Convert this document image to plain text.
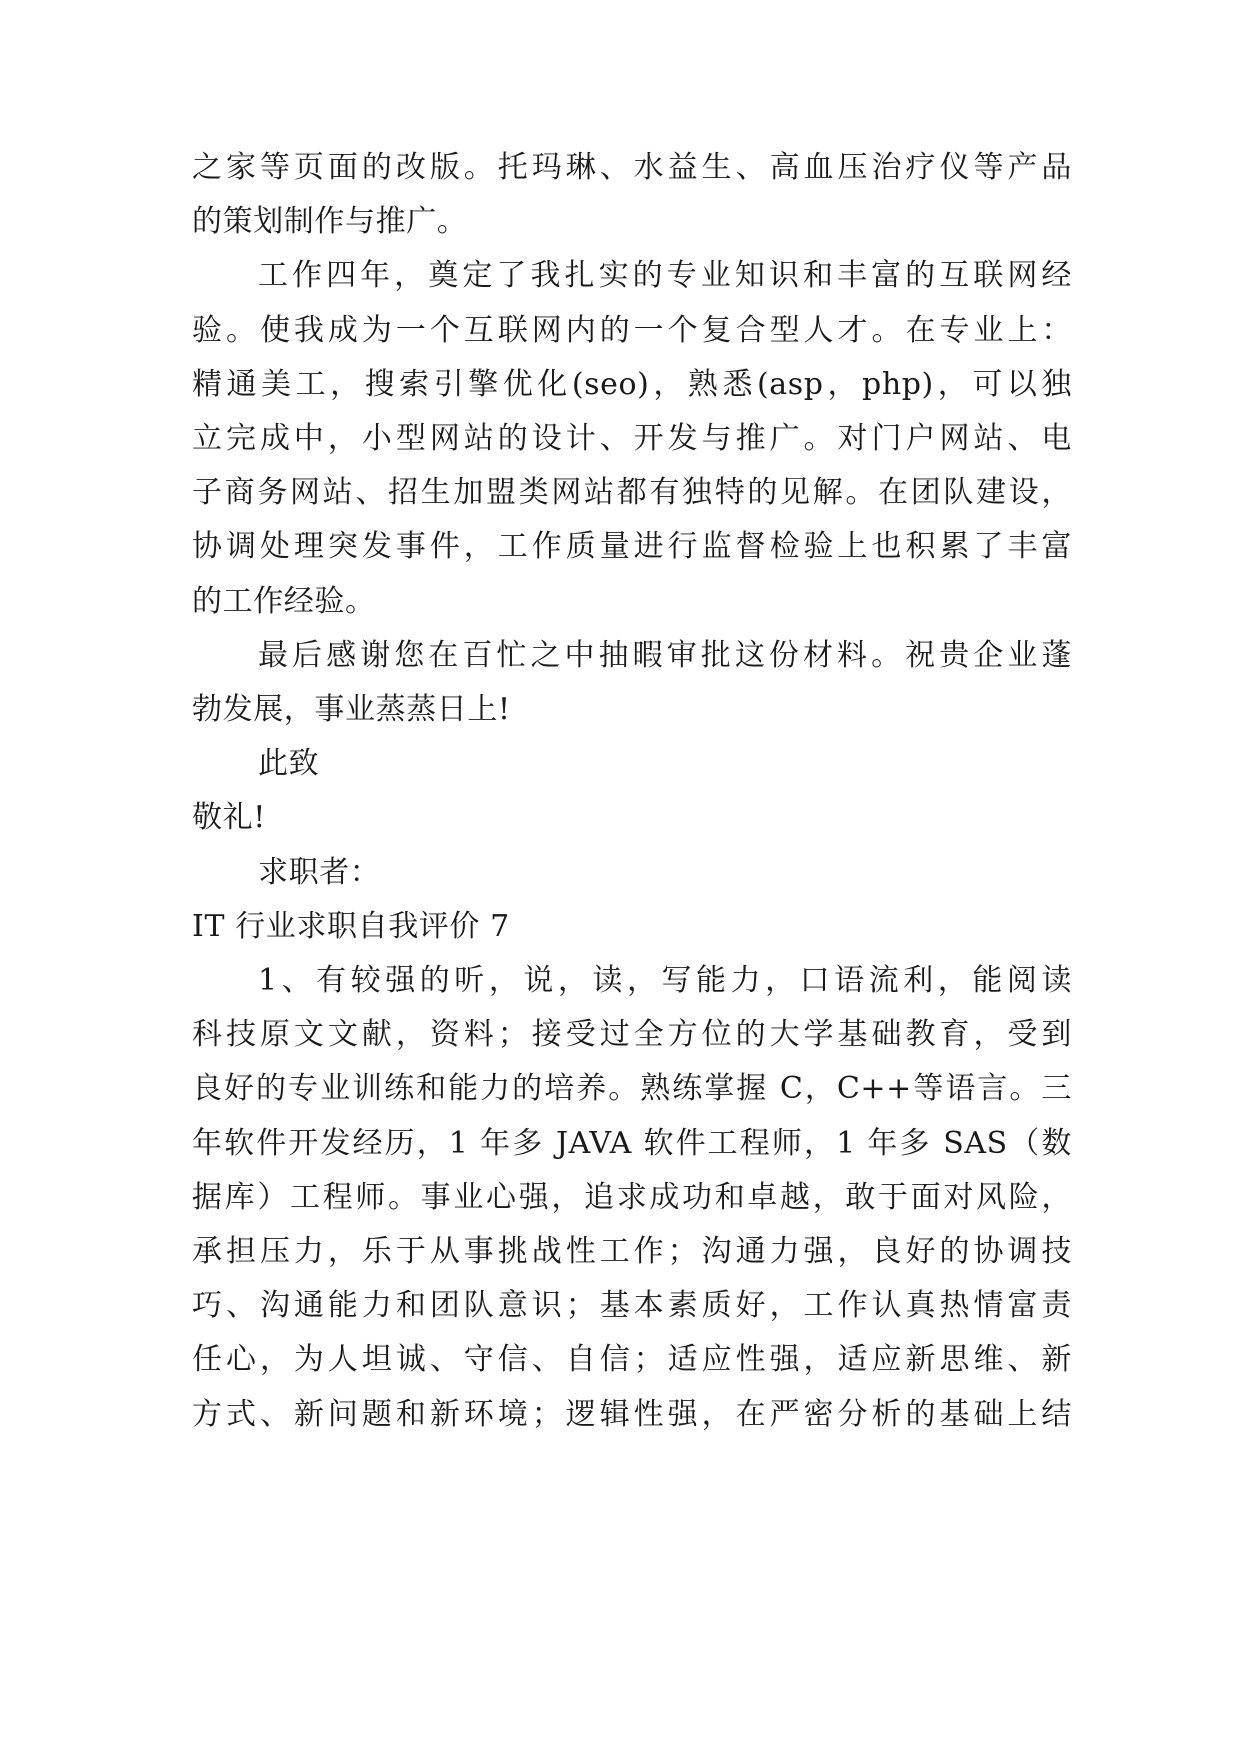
之家等页面的改版。托玛琳、水益生、高血压治疗仪等产品
的策划制作与推广。
工作四年，奠定了我扎实的专业知识和丰富的互联网经
验。使我成为一个互联网内的一个复合型人才。在专业上：
精通美工，搜索引擎优化(seo)，熟悉(asp，php)，可以独
立完成中，小型网站的设计、开发与推广。对门户网站、电
子商务网站、招生加盟类网站都有独特的见解。在团队建设，
协调处理突发事件，工作质量进行监督检验上也积累了丰富
的工作经验。
最后感谢您在百忙之中抽暇审批这份材料。祝贵企业蓬
勃发展，事业蒸蒸日上!
此致
敬礼!
求职者：
IT 行业求职自我评价 7
1、有较强的听，说，读，写能力，口语流利，能阅读
科技原文文献，资料；接受过全方位的大学基础教育，受到
良好的专业训练和能力的培养。熟练掌握 C，C++等语言。三
年软件开发经历，1 年多 JAVA 软件工程师，1 年多 SAS（数
据库）工程师。事业心强，追求成功和卓越，敢于面对风险，
承担压力，乐于从事挑战性工作；沟通力强，良好的协调技
巧、沟通能力和团队意识；基本素质好，工作认真热情富责
任心，为人坦诚、守信、自信；适应性强，适应新思维、新
方式、新问题和新环境；逻辑性强，在严密分析的基础上结
